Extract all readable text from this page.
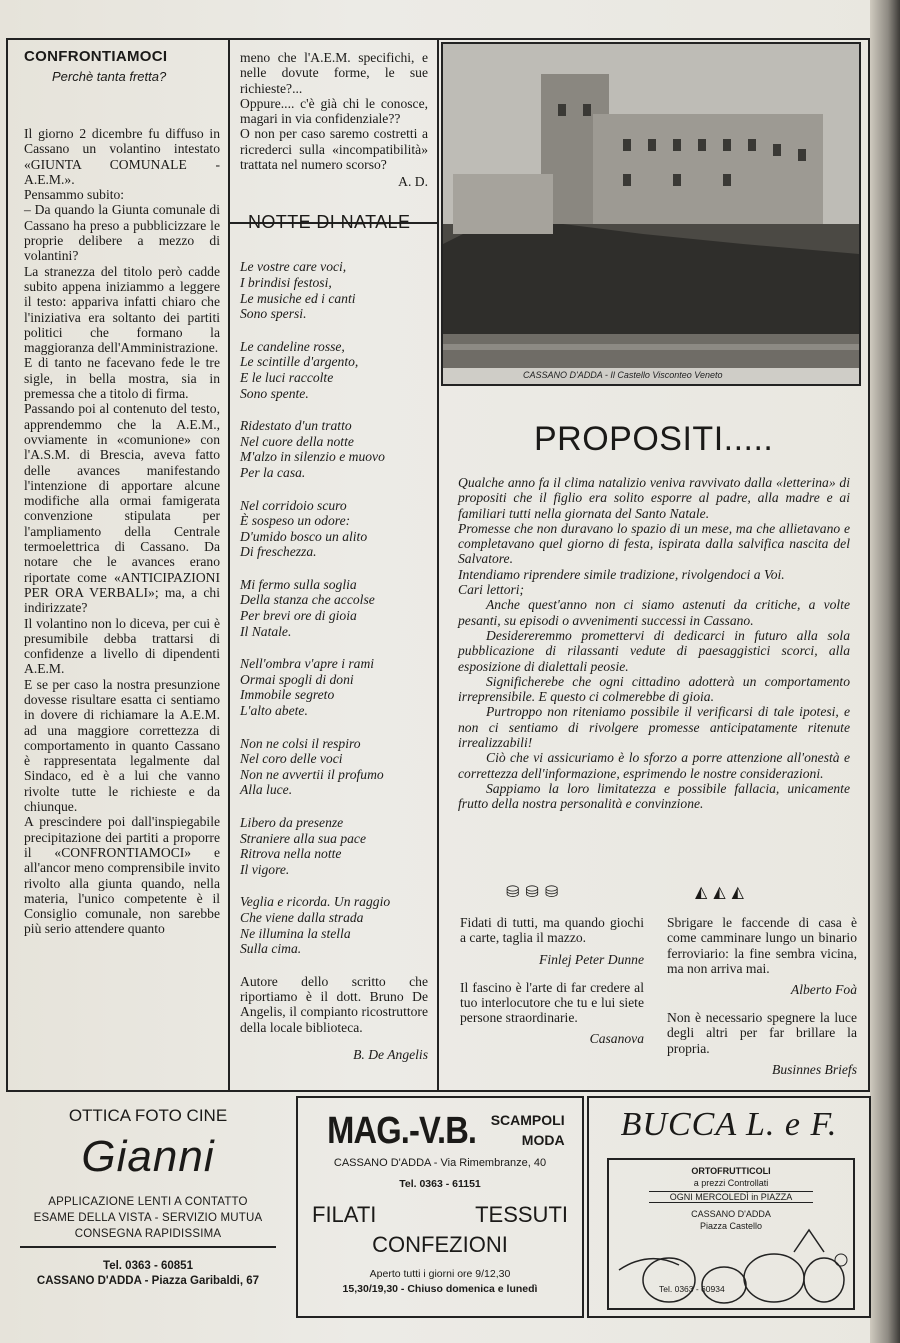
CONFRONTIAMOCI
Perchè tanta fretta?

Il giorno 2 dicembre fu diffuso in Cassano un volantino intestato «GIUNTA COMUNALE - A.E.M.».

Pensammo subito:

– Da quando la Giunta comunale di Cassano ha preso a pubblicizzare le proprie delibere a mezzo di volantini?

La stranezza del titolo però cadde subito appena iniziammo a leggere il testo: appariva infatti chiaro che l'iniziativa era soltanto dei partiti politici che formano la maggioranza dell'Amministrazione.

E di tanto ne facevano fede le tre sigle, in bella mostra, sia in premessa che a titolo di firma.

Passando poi al contenuto del testo, apprendemmo che la A.E.M., ovviamente in «comunione» con l'A.S.M. di Brescia, aveva fatto delle avances manifestando l'intenzione di apportare alcune modifiche alla ormai famigerata convenzione stipulata per l'ampliamento della Centrale termoelettrica di Cassano. Da notare che le avances erano riportate come «ANTICIPAZIONI PER ORA VERBALI»; ma, a chi indirizzate?

Il volantino non lo diceva, per cui è presumibile debba trattarsi di confidenze a livello di dipendenti A.E.M.

E se per caso la nostra presunzione dovesse risultare esatta ci sentiamo in dovere di richiamare la A.E.M. ad una maggiore correttezza di comportamento in quanto Cassano è rappresentata legalmente dal Sindaco, ed è a lui che vanno rivolte tutte le richieste e da chiunque.

A prescindere poi dall'inspiegabile precipitazione dei partiti a proporre il «CONFRONTIAMOCI» e all'ancor meno comprensibile invito rivolto alla giunta quando, nella materia, l'unico competente è il Consiglio comunale, non sarebbe più serio attendere quanto

meno che l'A.E.M. specifichi, e nelle dovute forme, le sue richieste?...

Oppure.... c'è già chi le conosce, magari in via confidenziale??

O non per caso saremo costretti a ricrederci sulla «incompatibilità» trattata nel numero scorso?

A. D.
NOTTE DI NATALE
Le vostre care voci,
I brindisi festosi,
Le musiche ed i canti
Sono spersi.
Le candeline rosse,
Le scintille d'argento,
E le luci raccolte
Sono spente.
Ridestato d'un tratto
Nel cuore della notte
M'alzo in silenzio e muovo
Per la casa.
Nel corridoio scuro
È sospeso un odore:
D'umido bosco un alito
Di freschezza.
Mi fermo sulla soglia
Della stanza che accolse
Per brevi ore di gioia
Il Natale.
Nell'ombra v'apre i rami
Ormai spogli di doni
Immobile segreto
L'alto abete.
Non ne colsi il respiro
Nel coro delle voci
Non ne avvertii il profumo
Alla luce.
Libero da presenze
Straniere alla sua pace
Ritrova nella notte
Il vigore.
Veglia e ricorda. Un raggio
Che viene dalla strada
Ne illumina la stella
Sulla cima.
Autore dello scritto che riportiamo è il dott. Bruno De Angelis, il compianto ricostruttore della locale biblioteca.
B. De Angelis
CASSANO D'ADDA - Il Castello Visconteo Veneto
PROPOSITI.....

Qualche anno fa il clima natalizio veniva ravvivato dalla «letterina» di propositi che il figlio era solito esporre al padre, alla madre e ai familiari tutti nella giornata del Santo Natale.

Promesse che non duravano lo spazio di un mese, ma che allietavano e completavano quel giorno di festa, ispirata dalla salvifica nascita del Salvatore.

Intendiamo riprendere simile tradizione, rivolgendoci a Voi.

Cari lettori;

Anche quest'anno non ci siamo astenuti da critiche, a volte pesanti, su episodi o avvenimenti successi in Cassano.

Desidereremmo promettervi di dedicarci in futuro alla sola pubblicazione di rilassanti vedute di paesaggistici scorci, alla esposizione di dialettali peosie.

Significherebe che ogni cittadino adotterà un comportamento irreprensibile. E questo ci colmerebbe di gioia.

Purtroppo non riteniamo possibile il verificarsi di tale ipotesi, e non ci sentiamo di rivolgere promesse anticipatamente ritenute irrealizzabili!

Ciò che vi assicuriamo è lo sforzo a porre attenzione all'onestà e correttezza dell'informazione, esprimendo le nostre considerazioni.

Sappiamo la loro limitatezza e possibile fallacia, unicamente frutto della nostra personalità e convinzione.

⛁ ⛁ ⛁
Fidati di tutti, ma quando giochi a carte, taglia il mazzo.
Finlej Peter Dunne
Il fascino è l'arte di far credere al tuo interlocutore che tu e lui siete persone straordinarie.
Casanova
◭ ◭ ◭
Sbrigare le faccende di casa è come camminare lungo un binario ferroviario: la fine sembra vicina, ma non arriva mai.
Alberto Foà
Non è necessario spegnere la luce degli altri per far brillare la propria.
Businnes Briefs
OTTICA FOTO CINE
Gianni
APPLICAZIONE LENTI A CONTATTO
ESAME DELLA VISTA - SERVIZIO MUTUA
CONSEGNA RAPIDISSIMA
Tel. 0363 - 60851
CASSANO D'ADDA - Piazza Garibaldi, 67
MAG.-V.B. SCAMPOLI
MODA
CASSANO D'ADDA - Via Rimembranze, 40
Tel. 0363 - 61151
FILATI	TESSUTI
CONFEZIONI
Aperto tutti i giorni ore 9/12,30
15,30/19,30 - Chiuso domenica e lunedì
BUCCA L. e F.
ORTOFRUTTICOLI
a prezzi Controllati
OGNI MERCOLEDÌ in PIAZZA
CASSANO D'ADDA
Piazza Castello
Tel. 0363 - 60934
